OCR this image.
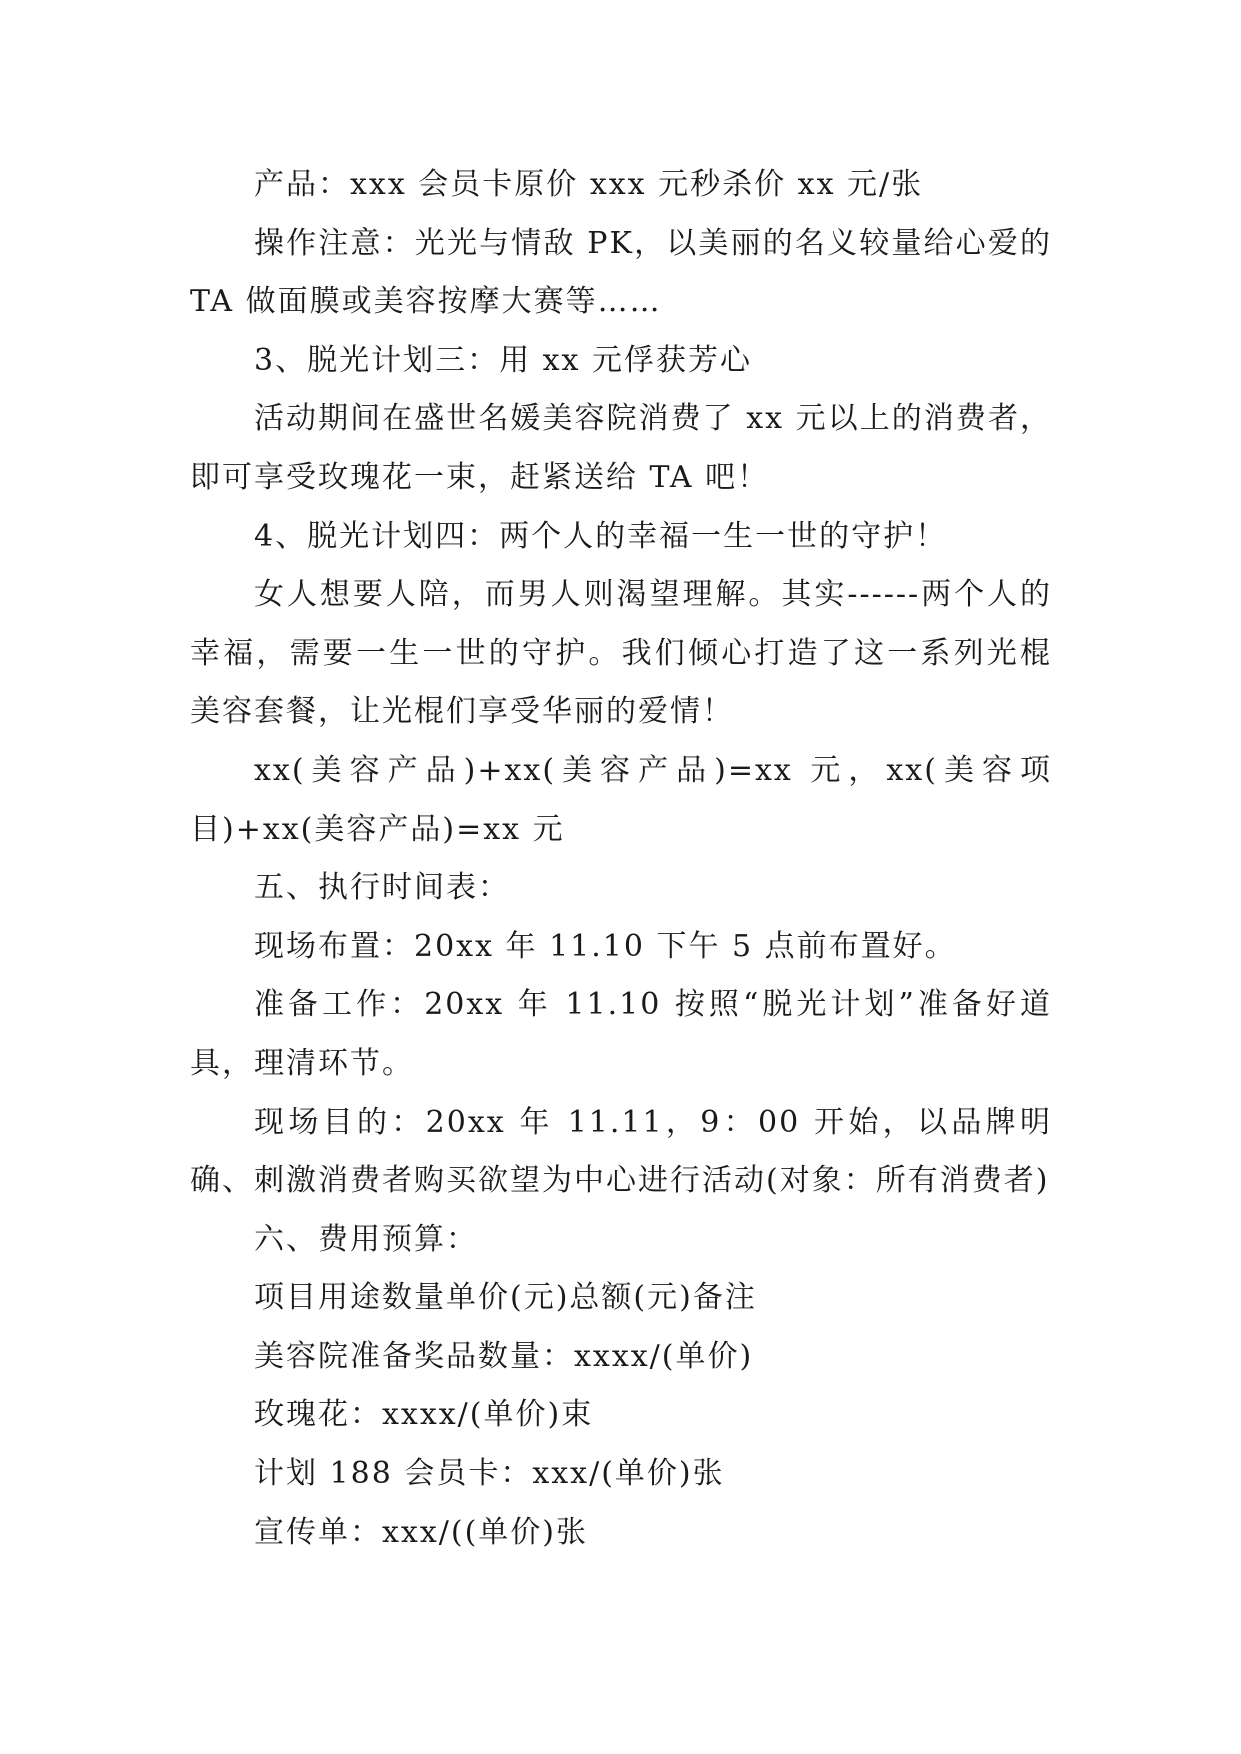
产品：xxx 会员卡原价 xxx 元秒杀价 xx 元/张

操作注意：光光与情敌 PK，以美丽的名义较量给心爱的 TA 做面膜或美容按摩大赛等……

3、脱光计划三：用 xx 元俘获芳心

活动期间在盛世名媛美容院消费了 xx 元以上的消费者，即可享受玫瑰花一束，赶紧送给 TA 吧！

4、脱光计划四：两个人的幸福一生一世的守护！

女人想要人陪，而男人则渴望理解。其实------两个人的幸福，需要一生一世的守护。我们倾心打造了这一系列光棍美容套餐，让光棍们享受华丽的爱情！

xx(美容产品)+xx(美容产品)=xx 元，xx(美容项目)+xx(美容产品)=xx 元

五、执行时间表：

现场布置：20xx 年 11.10 下午 5 点前布置好。

准备工作：20xx 年 11.10 按照“脱光计划”准备好道具，理清环节。

现场目的：20xx 年 11.11，9：00 开始，以品牌明确、刺激消费者购买欲望为中心进行活动(对象：所有消费者)

六、费用预算：

项目用途数量单价(元)总额(元)备注

美容院准备奖品数量：xxxx/(单价)

玫瑰花：xxxx/(单价)束

计划 188 会员卡：xxx/(单价)张

宣传单：xxx/((单价)张
